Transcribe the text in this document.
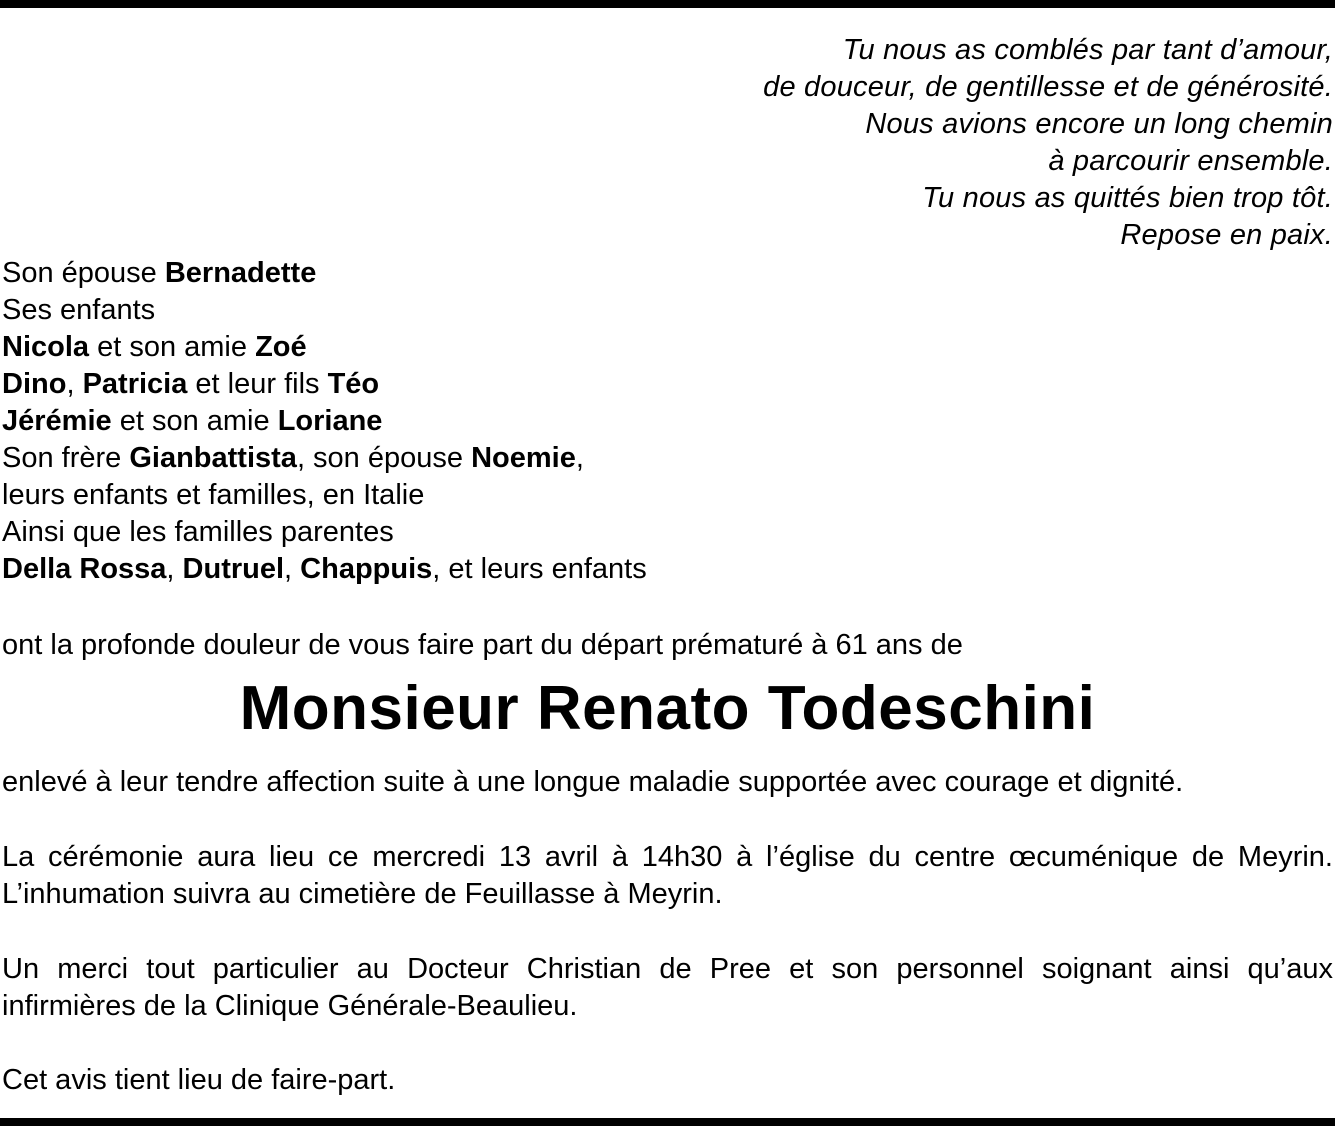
Tu nous as comblés par tant d’amour,
de douceur, de gentillesse et de générosité.
Nous avions encore un long chemin
à parcourir ensemble.
Tu nous as quittés bien trop tôt.
Repose en paix.
Son épouse Bernadette
Ses enfants
Nicola et son amie Zoé
Dino, Patricia et leur fils Téo
Jérémie et son amie Loriane
Son frère Gianbattista, son épouse Noemie,
leurs enfants et familles, en Italie
Ainsi que les familles parentes
Della Rossa, Dutruel, Chappuis, et leurs enfants
ont la profonde douleur de vous faire part du départ prématuré à 61 ans de
Monsieur Renato Todeschini
enlevé à leur tendre affection suite à une longue maladie supportée avec courage et dignité.
La cérémonie aura lieu ce mercredi 13 avril à 14h30 à l’église du centre œcuménique de Meyrin. L’inhumation suivra au cimetière de Feuillasse à Meyrin.
Un merci tout particulier au Docteur Christian de Pree et son personnel soignant ainsi qu’aux infirmières de la Clinique Générale-Beaulieu.
Cet avis tient lieu de faire-part.
